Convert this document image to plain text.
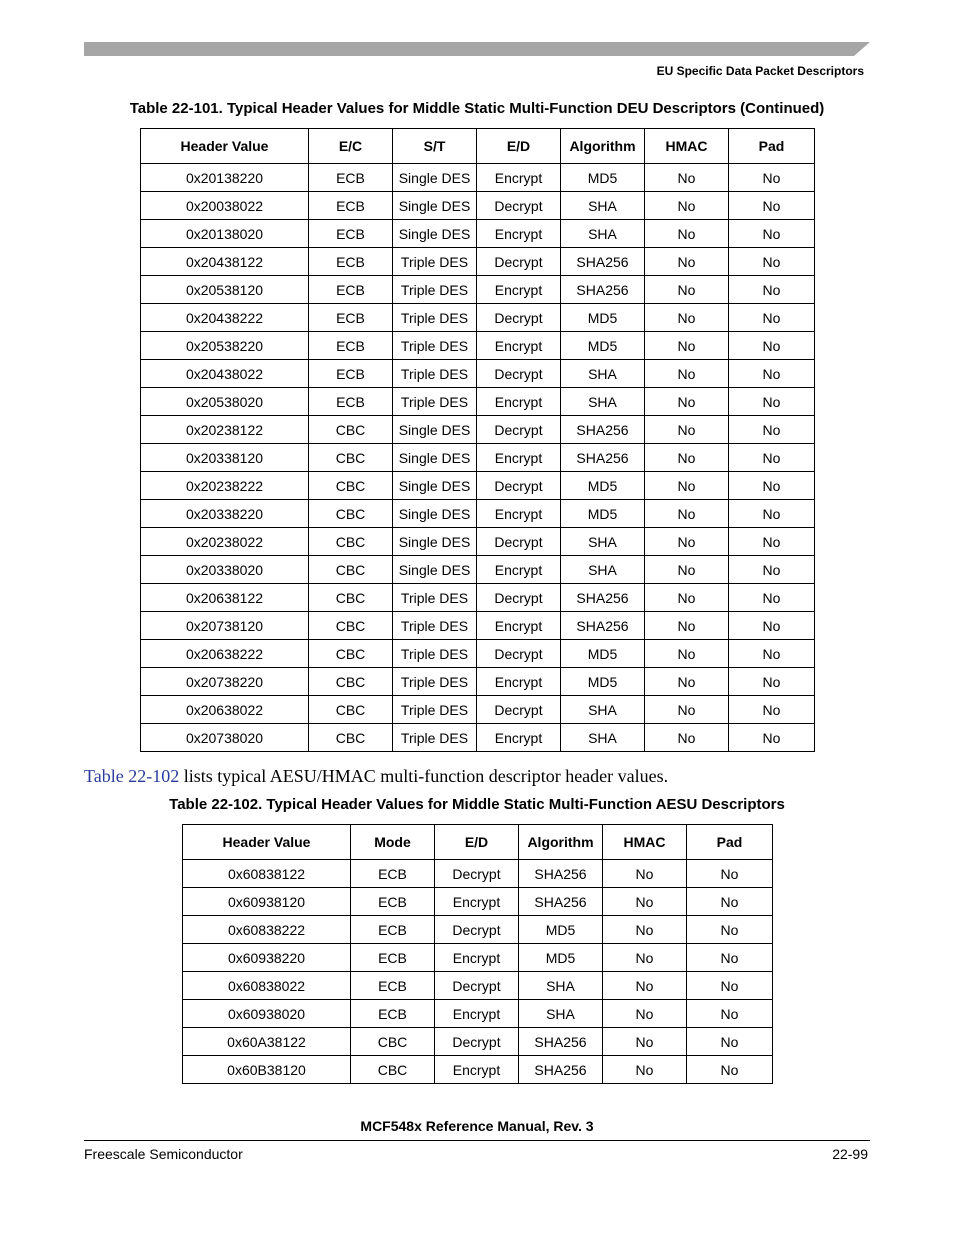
EU Specific Data Packet Descriptors
Table 22-101. Typical Header Values for Middle Static Multi-Function DEU Descriptors (Continued)
Header Value	E/C	S/T	E/D	Algorithm	HMAC	Pad
0x20138220	ECB	Single DES	Encrypt	MD5	No	No
0x20038022	ECB	Single DES	Decrypt	SHA	No	No
0x20138020	ECB	Single DES	Encrypt	SHA	No	No
0x20438122	ECB	Triple DES	Decrypt	SHA256	No	No
0x20538120	ECB	Triple DES	Encrypt	SHA256	No	No
0x20438222	ECB	Triple DES	Decrypt	MD5	No	No
0x20538220	ECB	Triple DES	Encrypt	MD5	No	No
0x20438022	ECB	Triple DES	Decrypt	SHA	No	No
0x20538020	ECB	Triple DES	Encrypt	SHA	No	No
0x20238122	CBC	Single DES	Decrypt	SHA256	No	No
0x20338120	CBC	Single DES	Encrypt	SHA256	No	No
0x20238222	CBC	Single DES	Decrypt	MD5	No	No
0x20338220	CBC	Single DES	Encrypt	MD5	No	No
0x20238022	CBC	Single DES	Decrypt	SHA	No	No
0x20338020	CBC	Single DES	Encrypt	SHA	No	No
0x20638122	CBC	Triple DES	Decrypt	SHA256	No	No
0x20738120	CBC	Triple DES	Encrypt	SHA256	No	No
0x20638222	CBC	Triple DES	Decrypt	MD5	No	No
0x20738220	CBC	Triple DES	Encrypt	MD5	No	No
0x20638022	CBC	Triple DES	Decrypt	SHA	No	No
0x20738020	CBC	Triple DES	Encrypt	SHA	No	No
Table 22-102 lists typical AESU/HMAC multi-function descriptor header values.
Table 22-102. Typical Header Values for Middle Static Multi-Function AESU Descriptors
Header Value	Mode	E/D	Algorithm	HMAC	Pad
0x60838122	ECB	Decrypt	SHA256	No	No
0x60938120	ECB	Encrypt	SHA256	No	No
0x60838222	ECB	Decrypt	MD5	No	No
0x60938220	ECB	Encrypt	MD5	No	No
0x60838022	ECB	Decrypt	SHA	No	No
0x60938020	ECB	Encrypt	SHA	No	No
0x60A38122	CBC	Decrypt	SHA256	No	No
0x60B38120	CBC	Encrypt	SHA256	No	No
MCF548x Reference Manual, Rev. 3
Freescale Semiconductor	22-99
